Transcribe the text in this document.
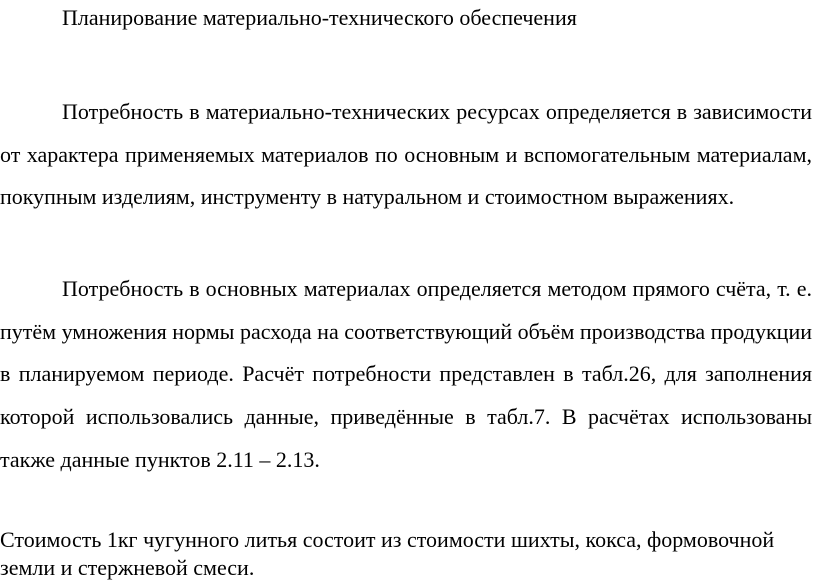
Планирование материально-технического обеспечения

Потребность в материально-технических ресурсах определяется в зависимости от характера применяемых материалов по основным и вспомогательным материалам, покупным изделиям, инструменту в натуральном и стоимостном выражениях.

Потребность в основных материалах определяется методом прямого счёта, т. е. путём умножения нормы расхода на соответствующий объём производства продукции в планируемом периоде. Расчёт потребности представлен в табл.26, для заполнения которой использовались данные, приведённые в табл.7. В расчётах использованы также данные пунктов 2.11 – 2.13.

Стоимость 1кг чугунного литья состоит из стоимости шихты, кокса, формовочной земли и стержневой смеси.
